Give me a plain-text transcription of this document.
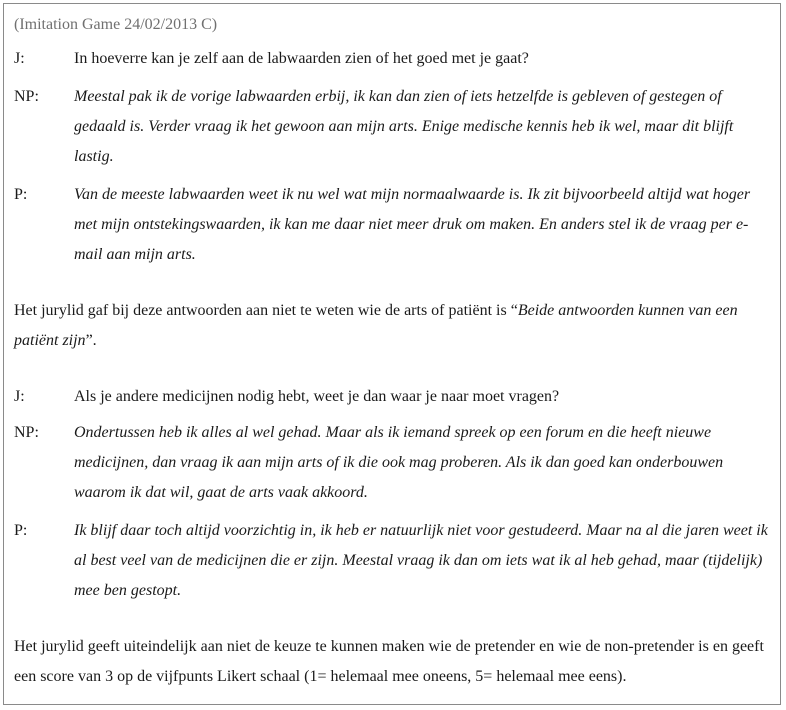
(Imitation Game 24/02/2013 C)
J:	In hoeverre kan je zelf aan de labwaarden zien of het goed met je gaat?
NP:	Meestal pak ik de vorige labwaarden erbij, ik kan dan zien of iets hetzelfde is gebleven of gestegen of gedaald is. Verder vraag ik het gewoon aan mijn arts. Enige medische kennis heb ik wel, maar dit blijft lastig.
P:	Van de meeste labwaarden weet ik nu wel wat mijn normaalwaarde is. Ik zit bijvoorbeeld altijd wat hoger met mijn ontstekingswaarden, ik kan me daar niet meer druk om maken. En anders stel ik de vraag per e-mail aan mijn arts.
Het jurylid gaf bij deze antwoorden aan niet te weten wie de arts of patiënt is “Beide antwoorden kunnen van een patiënt zijn”.
J:	Als je andere medicijnen nodig hebt, weet je dan waar je naar moet vragen?
NP:	Ondertussen heb ik alles al wel gehad. Maar als ik iemand spreek op een forum en die heeft nieuwe medicijnen, dan vraag ik aan mijn arts of ik die ook mag proberen. Als ik dan goed kan onderbouwen waarom ik dat wil, gaat de arts vaak akkoord.
P:	Ik blijf daar toch altijd voorzichtig in, ik heb er natuurlijk niet voor gestudeerd. Maar na al die jaren weet ik al best veel van de medicijnen die er zijn. Meestal vraag ik dan om iets wat ik al heb gehad, maar (tijdelijk) mee ben gestopt.
Het jurylid geeft uiteindelijk aan niet de keuze te kunnen maken wie de pretender en wie de non-pretender is en geeft een score van 3 op de vijfpunts Likert schaal (1= helemaal mee oneens, 5= helemaal mee eens).
